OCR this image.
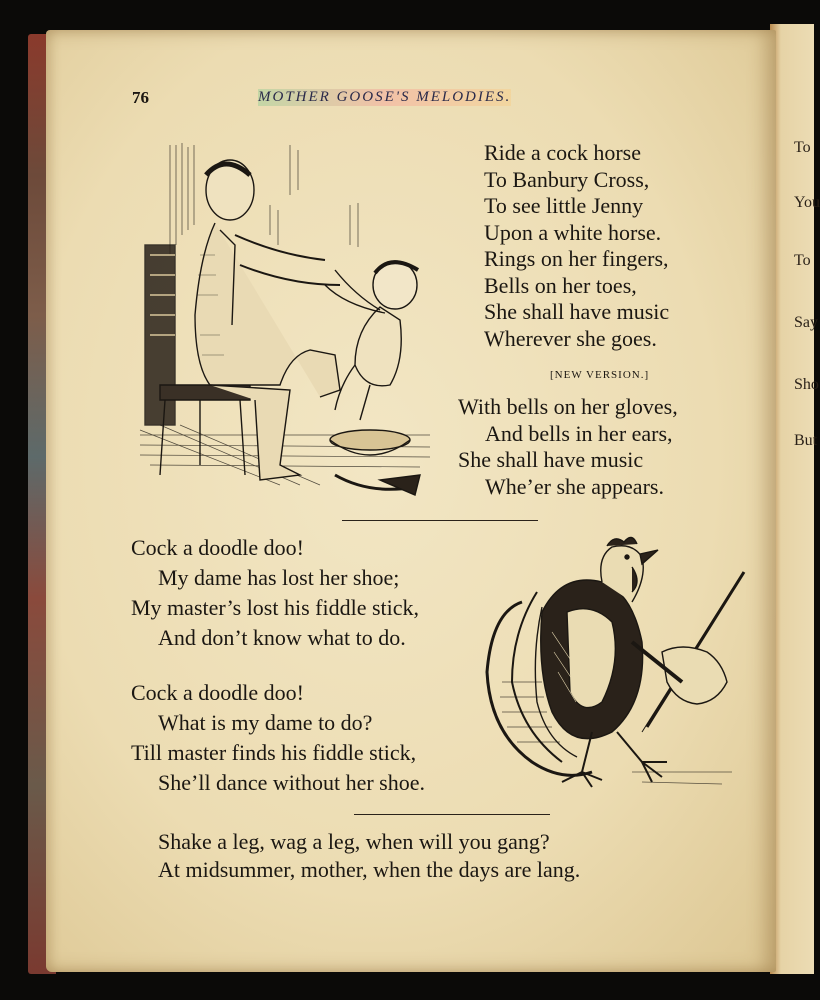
To
You
To
Say
Sho
But
76	MOTHER GOOSE'S MELODIES.
Ride a cock horse
To Banbury Cross,
To see little Jenny
Upon a white horse.
Rings on her fingers,
Bells on her toes,
She shall have music
Wherever she goes.
[NEW VERSION.]
With bells on her gloves,
And bells in her ears,
She shall have music
Whe’er she appears.
Cock a doodle doo!
My dame has lost her shoe;
My master’s lost his fiddle stick,
And don’t know what to do.
Cock a doodle doo!
What is my dame to do?
Till master finds his fiddle stick,
She’ll dance without her shoe.
Shake a leg, wag a leg, when will you gang?
At midsummer, mother, when the days are lang.
